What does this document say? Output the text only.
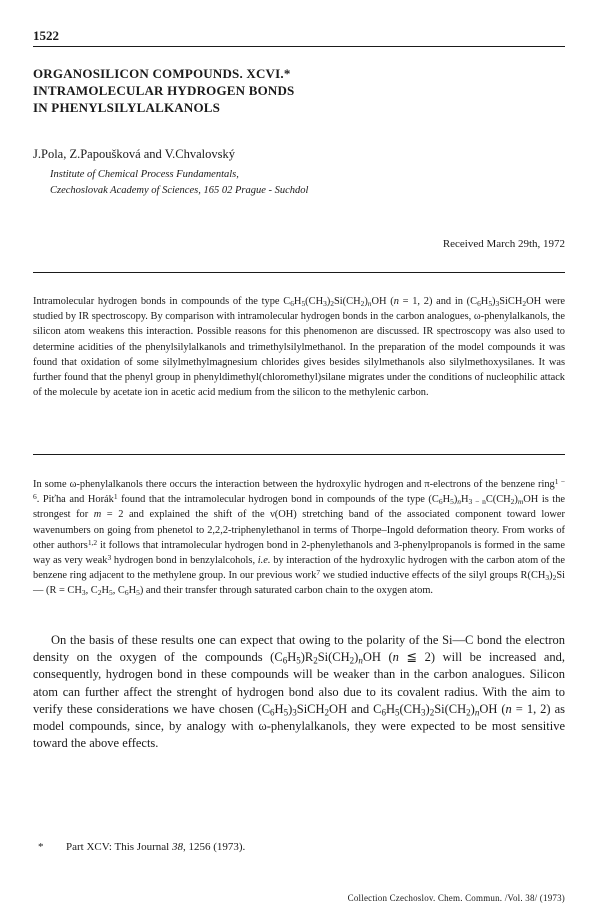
1522
ORGANOSILICON COMPOUNDS. XCVI.*
INTRAMOLECULAR HYDROGEN BONDS
IN PHENYLSILYLALKANOLS
J.Pola, Z.Papoušková and V.Chvalovský
Institute of Chemical Process Fundamentals,
Czechoslovak Academy of Sciences, 165 02 Prague - Suchdol
Received March 29th, 1972

Intramolecular hydrogen bonds in compounds of the type $C_6H_5(CH_3)_2Si(CH_2)_nOH$ (n = 1, 2) and in $(C_6H_5)_3SiCH_2OH$ were studied by IR spectroscopy. By comparison with intramolecular hydrogen bonds in the carbon analogues, ω-phenylalkanols, the silicon atom weakens this interaction. Possible reasons for this phenomenon are discussed. IR spectroscopy was also used to determine acidities of the phenylsilylalkanols and trimethylsilylmethanol. In the preparation of the model compounds it was found that oxidation of some silylmethylmagnesium chlorides gives besides silylmethanols also silylmethoxysilanes. It was further found that the phenyl group in phenyldimethyl(chloromethyl)silane migrates under the conditions of nucleophilic attack of the molecule by acetate ion in acetic acid medium from the silicon to the methylenic carbon.

In some ω-phenylalkanols there occurs the interaction between the hydroxylic hydrogen and π-electrons of the benzene ring$^{1 - 6}$. Piťha and Horák$^1$ found that the intramolecular hydrogen bond in compounds of the type $(C_6H_5)_nH_{3 - n}C(CH_2)_mOH$ is the strongest for m = 2 and explained the shift of the ν(OH) stretching band of the associated component toward lower wavenumbers on going from phenetol to 2,2,2-triphenylethanol in terms of Thorpe–Ingold deformation theory. From works of other authors$^{1,2}$ it follows that intramolecular hydrogen bond in 2-phenylethanols and 3-phenylpropanols is formed in the same way as very weak$^3$ hydrogen bond in benzylalcohols, i.e. by interaction of the hydroxylic hydrogen with the carbon atom of the benzene ring adjacent to the methylene group. In our previous work$^7$ we studied inductive effects of the silyl groups $R(CH_3)_2Si—$ ($R = CH_3$, $C_2H_5$, $C_6H_5$) and their transfer through saturated carbon chain to the oxygen atom.

On the basis of these results one can expect that owing to the polarity of the Si—C bond the electron density on the oxygen of the compounds $(C_6H_5)R_2Si(CH_2)_nOH$ (n ≦ 2) will be increased and, consequently, hydrogen bond in these compounds will be weaker than in the carbon analogues. Silicon atom can further affect the strenght of hydrogen bond also due to its covalent radius. With the aim to verify these considerations we have chosen $(C_6H_5)_3SiCH_2OH$ and $C_6H_5(CH_3)_2Si(CH_2)_nOH$ (n = 1, 2) as model compounds, since, by analogy with ω-phenylalkanols, they were expected to be most sensitive toward the above effects.

* Part XCV: This Journal 38, 1256 (1973).
Collection Czechoslov. Chem. Commun. /Vol. 38/ (1973)
